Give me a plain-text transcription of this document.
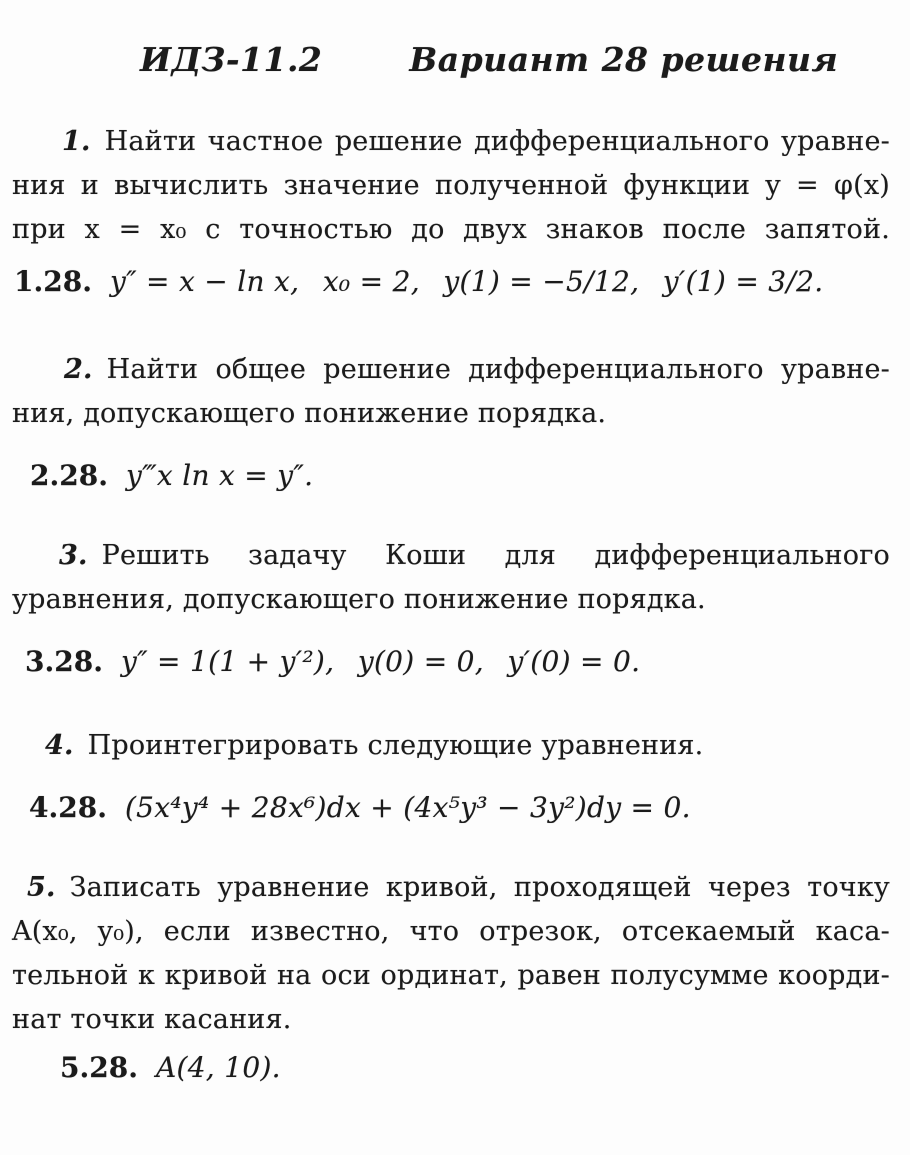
ИДЗ-11.2	Вариант 28 решения
1. Найти частное решение дифференциального уравне-
ния и вычислить значение полученной функции y = φ(x)
при x = x₀ с точностью до двух знаков после запятой.
1.28. y″ = x − ln x,  x₀ = 2,  y(1) = −5/12,  y′(1) = 3/2.
2. Найти общее решение дифференциального уравне-
ния, допускающего понижение порядка.
2.28. y‴x ln x = y″.
3. Решить задачу Коши для дифференциального
уравнения, допускающего понижение порядка.
3.28. y″ = 1(1 + y′²),  y(0) = 0,  y′(0) = 0.
4. Проинтегрировать следующие уравнения.
4.28. (5x⁴y⁴ + 28x⁶)dx + (4x⁵y³ − 3y²)dy = 0.
5. Записать уравнение кривой, проходящей через точку
A(x₀, y₀), если известно, что отрезок, отсекаемый каса-
тельной к кривой на оси ординат, равен полусумме коорди-
нат точки касания.
5.28. A(4, 10).
